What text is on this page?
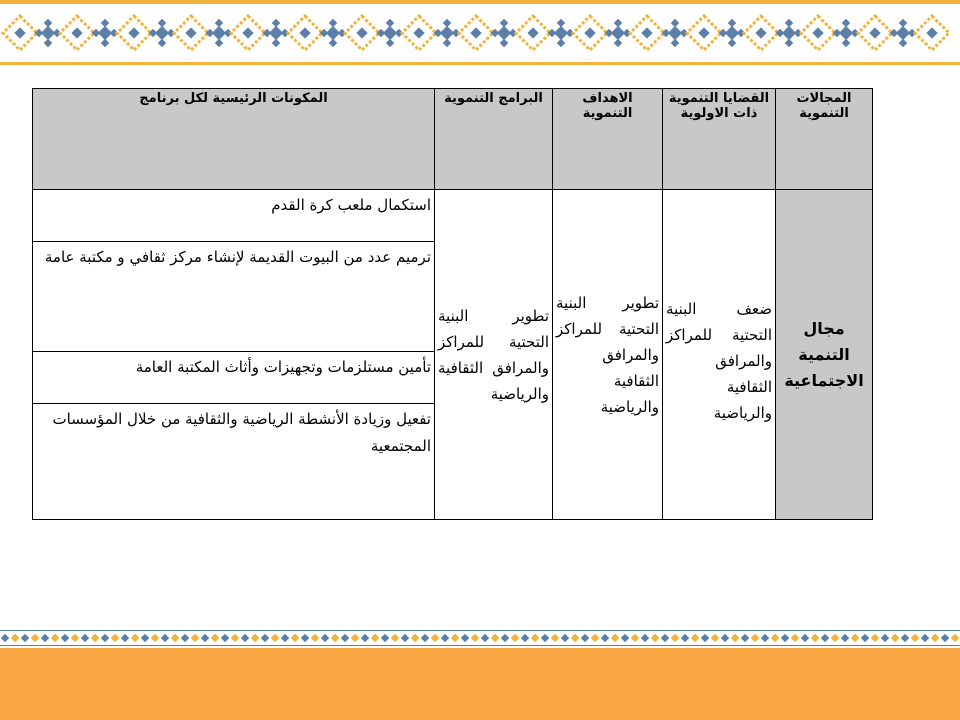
المجالات التنموية	القضايا التنموية ذات الاولوية	الاهداف التنموية	البرامج التنموية	المكونات الرئيسية لكل برنامج
مجال التنمية الاجتماعية	ضعف البنية التحتية للمراكز والمرافق الثقافية والرياضية	تطوير البنية التحتية للمراكز والمرافق الثقافية والرياضية	تطوير البنية التحتية للمراكز والمرافق الثقافية والرياضية	استكمال ملعب كرة القدم
				ترميم عدد من البيوت القديمة لإنشاء مركز ثقافي و مكتبة عامة
				تأمين مستلزمات وتجهيزات وأثاث المكتبة العامة
				تفعيل وزيادة الأنشطة الرياضية والثقافية من خلال المؤسسات المجتمعية
